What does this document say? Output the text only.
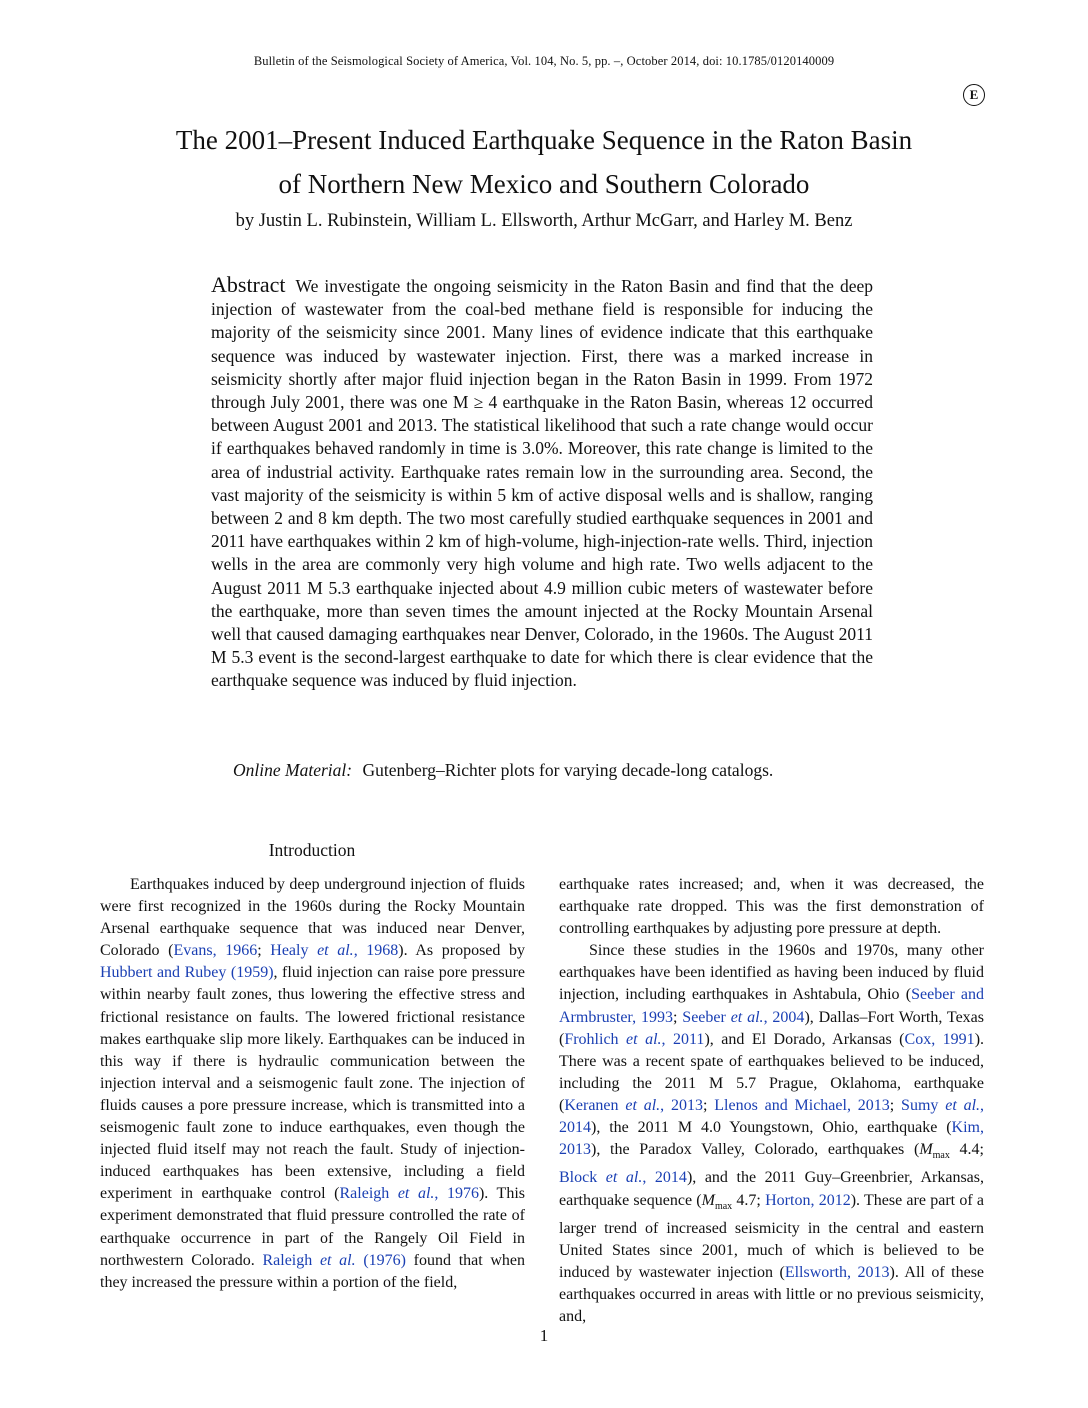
Bulletin of the Seismological Society of America, Vol. 104, No. 5, pp. –, October 2014, doi: 10.1785/0120140009
E
The 2001–Present Induced Earthquake Sequence in the Raton Basin
of Northern New Mexico and Southern Colorado
by Justin L. Rubinstein, William L. Ellsworth, Arthur McGarr, and Harley M. Benz
Abstract We investigate the ongoing seismicity in the Raton Basin and find that the deep injection of wastewater from the coal-bed methane field is responsible for inducing the majority of the seismicity since 2001. Many lines of evidence indicate that this earthquake sequence was induced by wastewater injection. First, there was a marked increase in seismicity shortly after major fluid injection began in the Raton Basin in 1999. From 1972 through July 2001, there was one M ≥ 4 earthquake in the Raton Basin, whereas 12 occurred between August 2001 and 2013. The statistical likelihood that such a rate change would occur if earthquakes behaved randomly in time is 3.0%. Moreover, this rate change is limited to the area of industrial activity. Earthquake rates remain low in the surrounding area. Second, the vast majority of the seismicity is within 5 km of active disposal wells and is shallow, ranging between 2 and 8 km depth. The two most carefully studied earthquake sequences in 2001 and 2011 have earthquakes within 2 km of high-volume, high-injection-rate wells. Third, injection wells in the area are commonly very high volume and high rate. Two wells adjacent to the August 2011 M 5.3 earthquake injected about 4.9 million cubic meters of wastewater before the earthquake, more than seven times the amount injected at the Rocky Mountain Arsenal well that caused damaging earthquakes near Denver, Colorado, in the 1960s. The August 2011 M 5.3 event is the second-largest earthquake to date for which there is clear evidence that the earthquake sequence was induced by fluid injection.
Online Material: Gutenberg–Richter plots for varying decade-long catalogs.
Introduction

Earthquakes induced by deep underground injection of fluids were first recognized in the 1960s during the Rocky Mountain Arsenal earthquake sequence that was induced near Denver, Colorado (Evans, 1966; Healy et al., 1968). As proposed by Hubbert and Rubey (1959), fluid injection can raise pore pressure within nearby fault zones, thus lowering the effective stress and frictional resistance on faults. The lowered frictional resistance makes earthquake slip more likely. Earthquakes can be induced in this way if there is hydraulic communication between the injection interval and a seismogenic fault zone. The injection of fluids causes a pore pressure increase, which is transmitted into a seismogenic fault zone to induce earthquakes, even though the injected fluid itself may not reach the fault. Study of injection-induced earthquakes has been extensive, including a field experiment in earthquake control (Raleigh et al., 1976). This experiment demonstrated that fluid pressure controlled the rate of earthquake occurrence in part of the Rangely Oil Field in northwestern Colorado. Raleigh et al. (1976) found that when they increased the pressure within a portion of the field,

earthquake rates increased; and, when it was decreased, the earthquake rate dropped. This was the first demonstration of controlling earthquakes by adjusting pore pressure at depth.

Since these studies in the 1960s and 1970s, many other earthquakes have been identified as having been induced by fluid injection, including earthquakes in Ashtabula, Ohio (Seeber and Armbruster, 1993; Seeber et al., 2004), Dallas–Fort Worth, Texas (Frohlich et al., 2011), and El Dorado, Arkansas (Cox, 1991). There was a recent spate of earthquakes believed to be induced, including the 2011 M 5.7 Prague, Oklahoma, earthquake (Keranen et al., 2013; Llenos and Michael, 2013; Sumy et al., 2014), the 2011 M 4.0 Youngstown, Ohio, earthquake (Kim, 2013), the Paradox Valley, Colorado, earthquakes ($M_{max}$ 4.4; Block et al., 2014), and the 2011 Guy–Greenbrier, Arkansas, earthquake sequence ($M_{max}$ 4.7; Horton, 2012). These are part of a larger trend of increased seismicity in the central and eastern United States since 2001, much of which is believed to be induced by wastewater injection (Ellsworth, 2013). All of these earthquakes occurred in areas with little or no previous seismicity, and,

1
